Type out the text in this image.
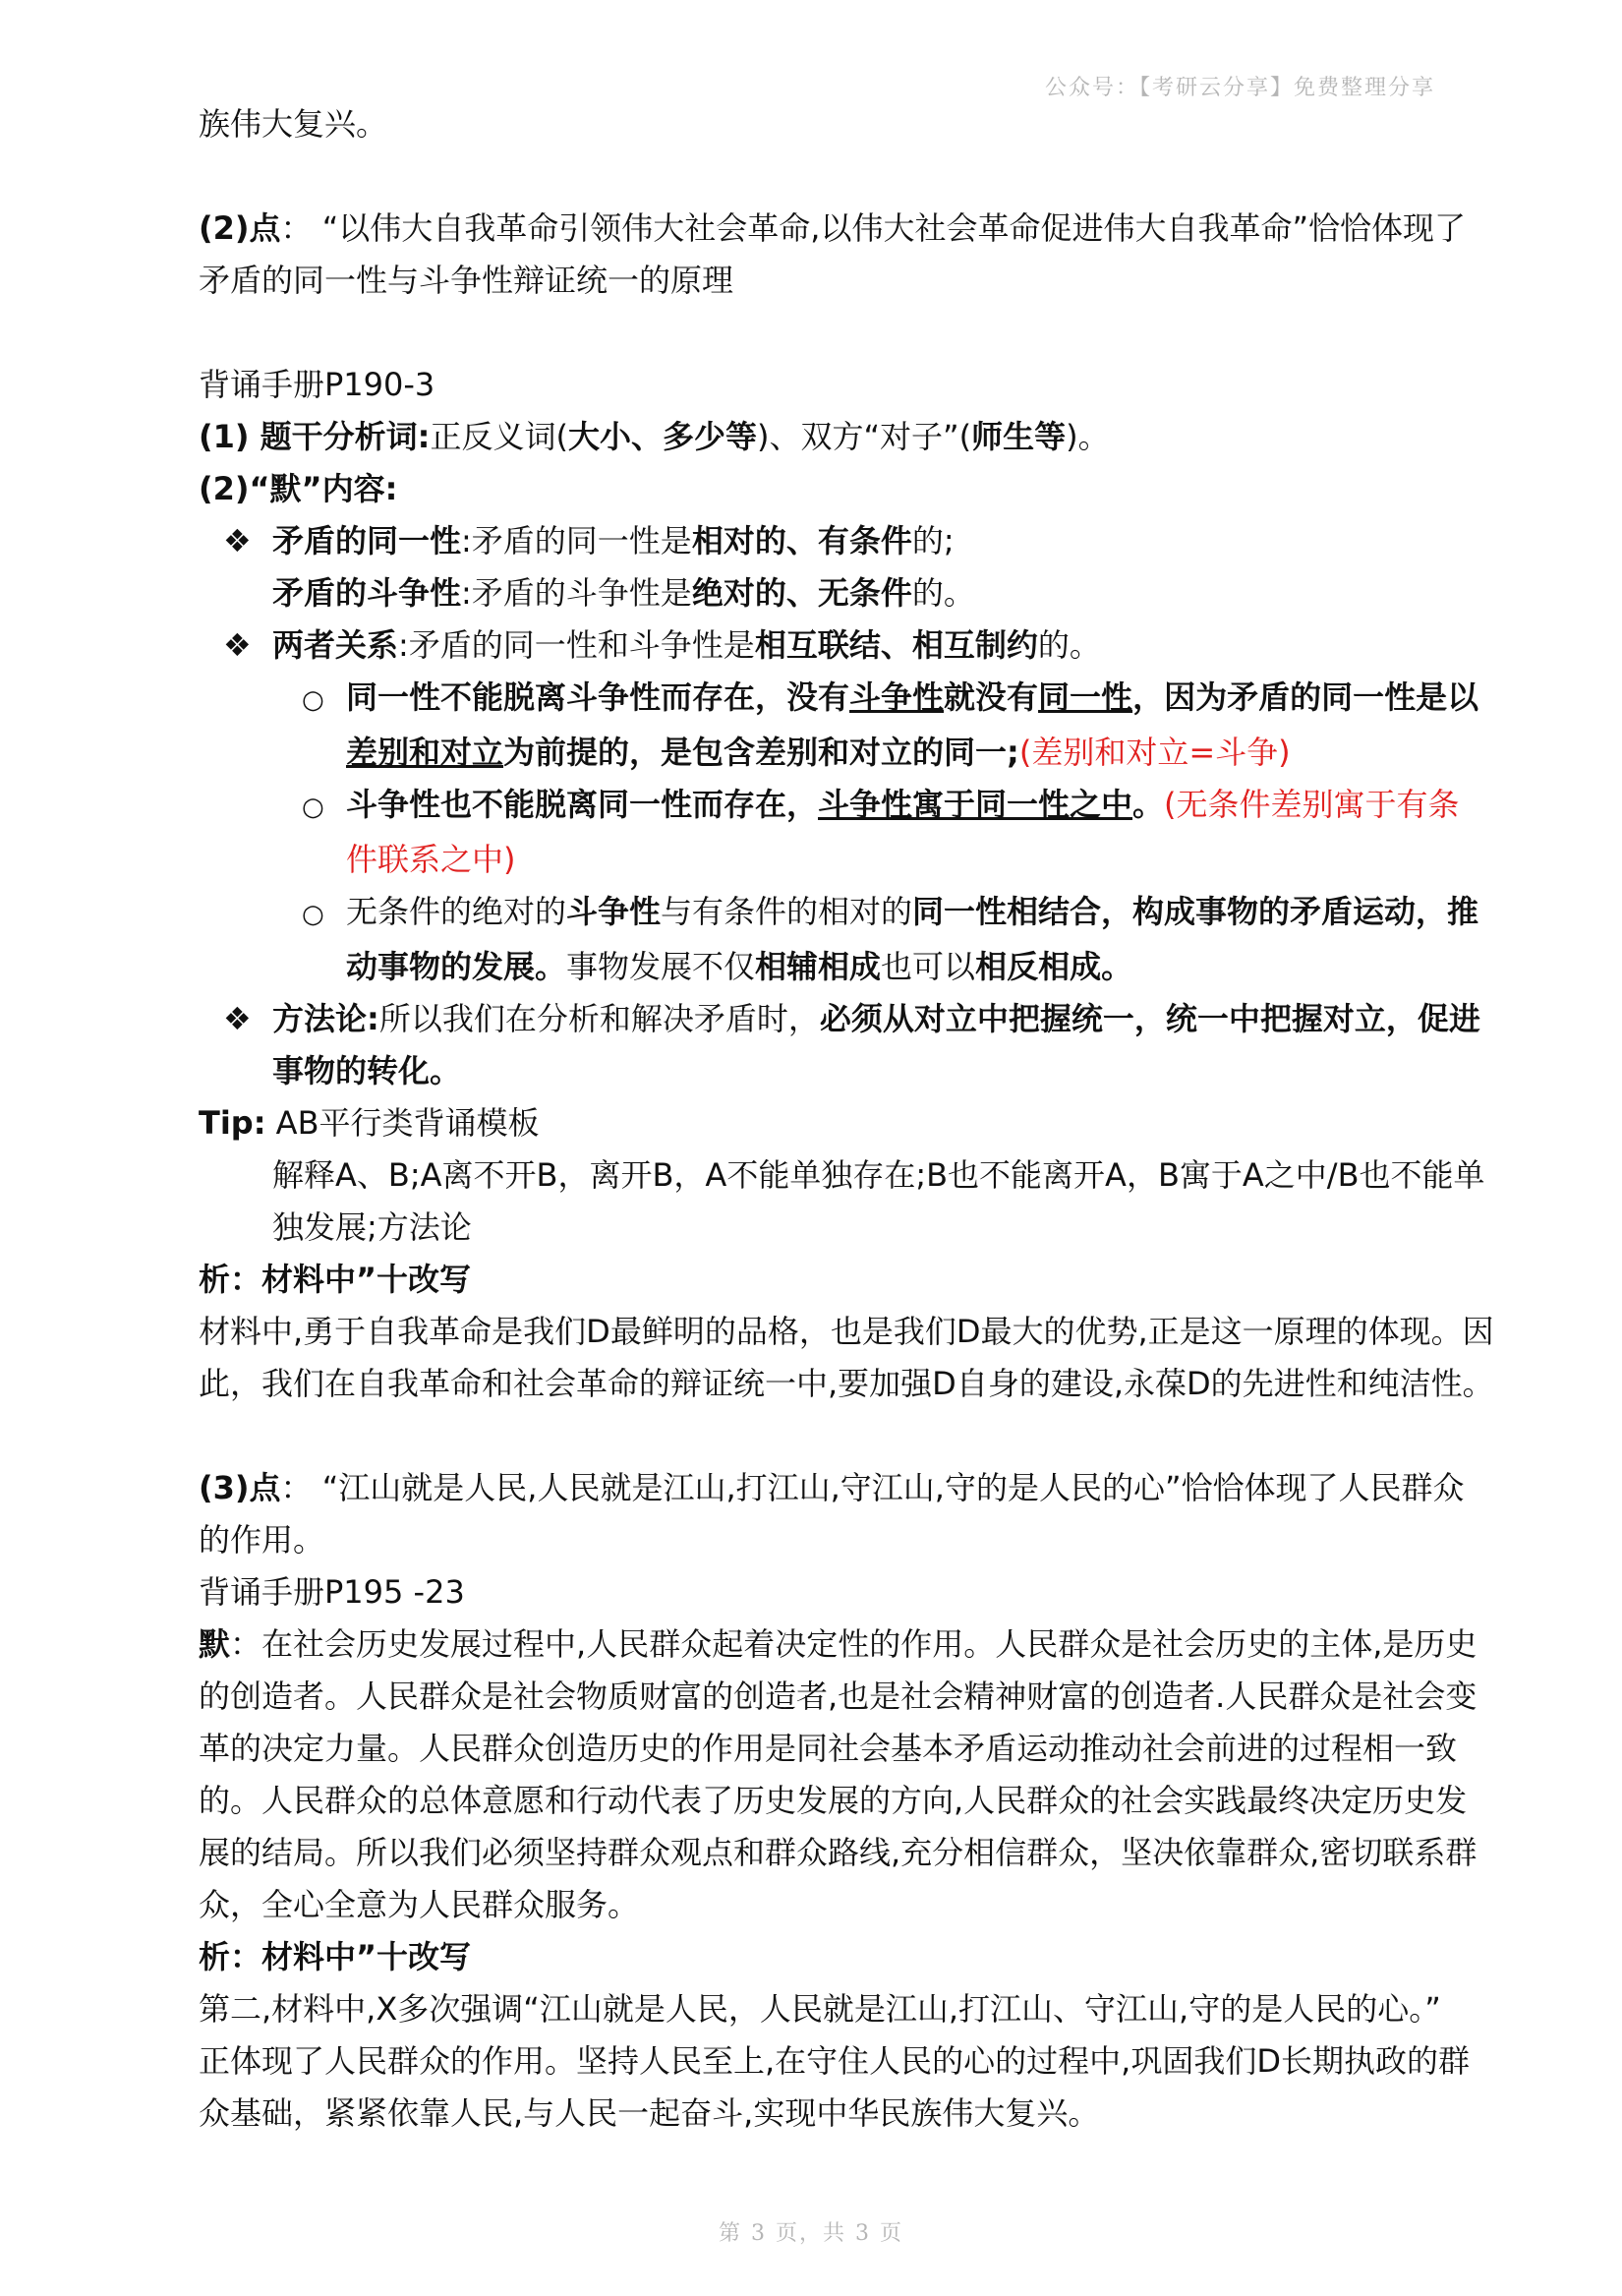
公众号：【考研云分享】免费整理分享
族伟大复兴。
(2)点： “以伟大自我革命引领伟大社会革命,以伟大社会革命促进伟大自我革命”恰恰体现了
矛盾的同一性与斗争性辩证统一的原理
背诵手册P190-3
(1) 题干分析词:正反义词(大小、多少等)、双方“对子”(师生等)。
(2)“默”内容:
❖ 矛盾的同一性:矛盾的同一性是相对的、有条件的;
矛盾的斗争性:矛盾的斗争性是绝对的、无条件的。
❖ 两者关系:矛盾的同一性和斗争性是相互联结、相互制约的。
○ 同一性不能脱离斗争性而存在，没有斗争性就没有同一性，因为矛盾的同一性是以
差别和对立为前提的，是包含差别和对立的同一;(差别和对立=斗争)
○ 斗争性也不能脱离同一性而存在，斗争性寓于同一性之中。(无条件差别寓于有条
件联系之中)
○ 无条件的绝对的斗争性与有条件的相对的同一性相结合，构成事物的矛盾运动，推
动事物的发展。事物发展不仅相辅相成也可以相反相成。
❖ 方法论:所以我们在分析和解决矛盾时，必须从对立中把握统一，统一中把握对立，促进
事物的转化。
Tip: AB平行类背诵模板
解释A、B;A离不开B，离开B，A不能单独存在;B也不能离开A，B寓于A之中/B也不能单
独发展;方法论
析：材料中”十改写
材料中,勇于自我革命是我们D最鲜明的品格，也是我们D最大的优势,正是这一原理的体现。因
此，我们在自我革命和社会革命的辩证统一中,要加强D自身的建设,永葆D的先进性和纯洁性。
(3)点： “江山就是人民,人民就是江山,打江山,守江山,守的是人民的心”恰恰体现了人民群众
的作用。
背诵手册P195 -23
默：在社会历史发展过程中,人民群众起着决定性的作用。人民群众是社会历史的主体,是历史
的创造者。人民群众是社会物质财富的创造者,也是社会精神财富的创造者.人民群众是社会变
革的决定力量。人民群众创造历史的作用是同社会基本矛盾运动推动社会前进的过程相一致
的。人民群众的总体意愿和行动代表了历史发展的方向,人民群众的社会实践最终决定历史发
展的结局。所以我们必须坚持群众观点和群众路线,充分相信群众，坚决依靠群众,密切联系群
众，全心全意为人民群众服务。
析：材料中”十改写
第二,材料中,X多次强调“江山就是人民，人民就是江山,打江山、守江山,守的是人民的心。”
正体现了人民群众的作用。坚持人民至上,在守住人民的心的过程中,巩固我们D长期执政的群
众基础，紧紧依靠人民,与人民一起奋斗,实现中华民族伟大复兴。
第 3 页，共 3 页
